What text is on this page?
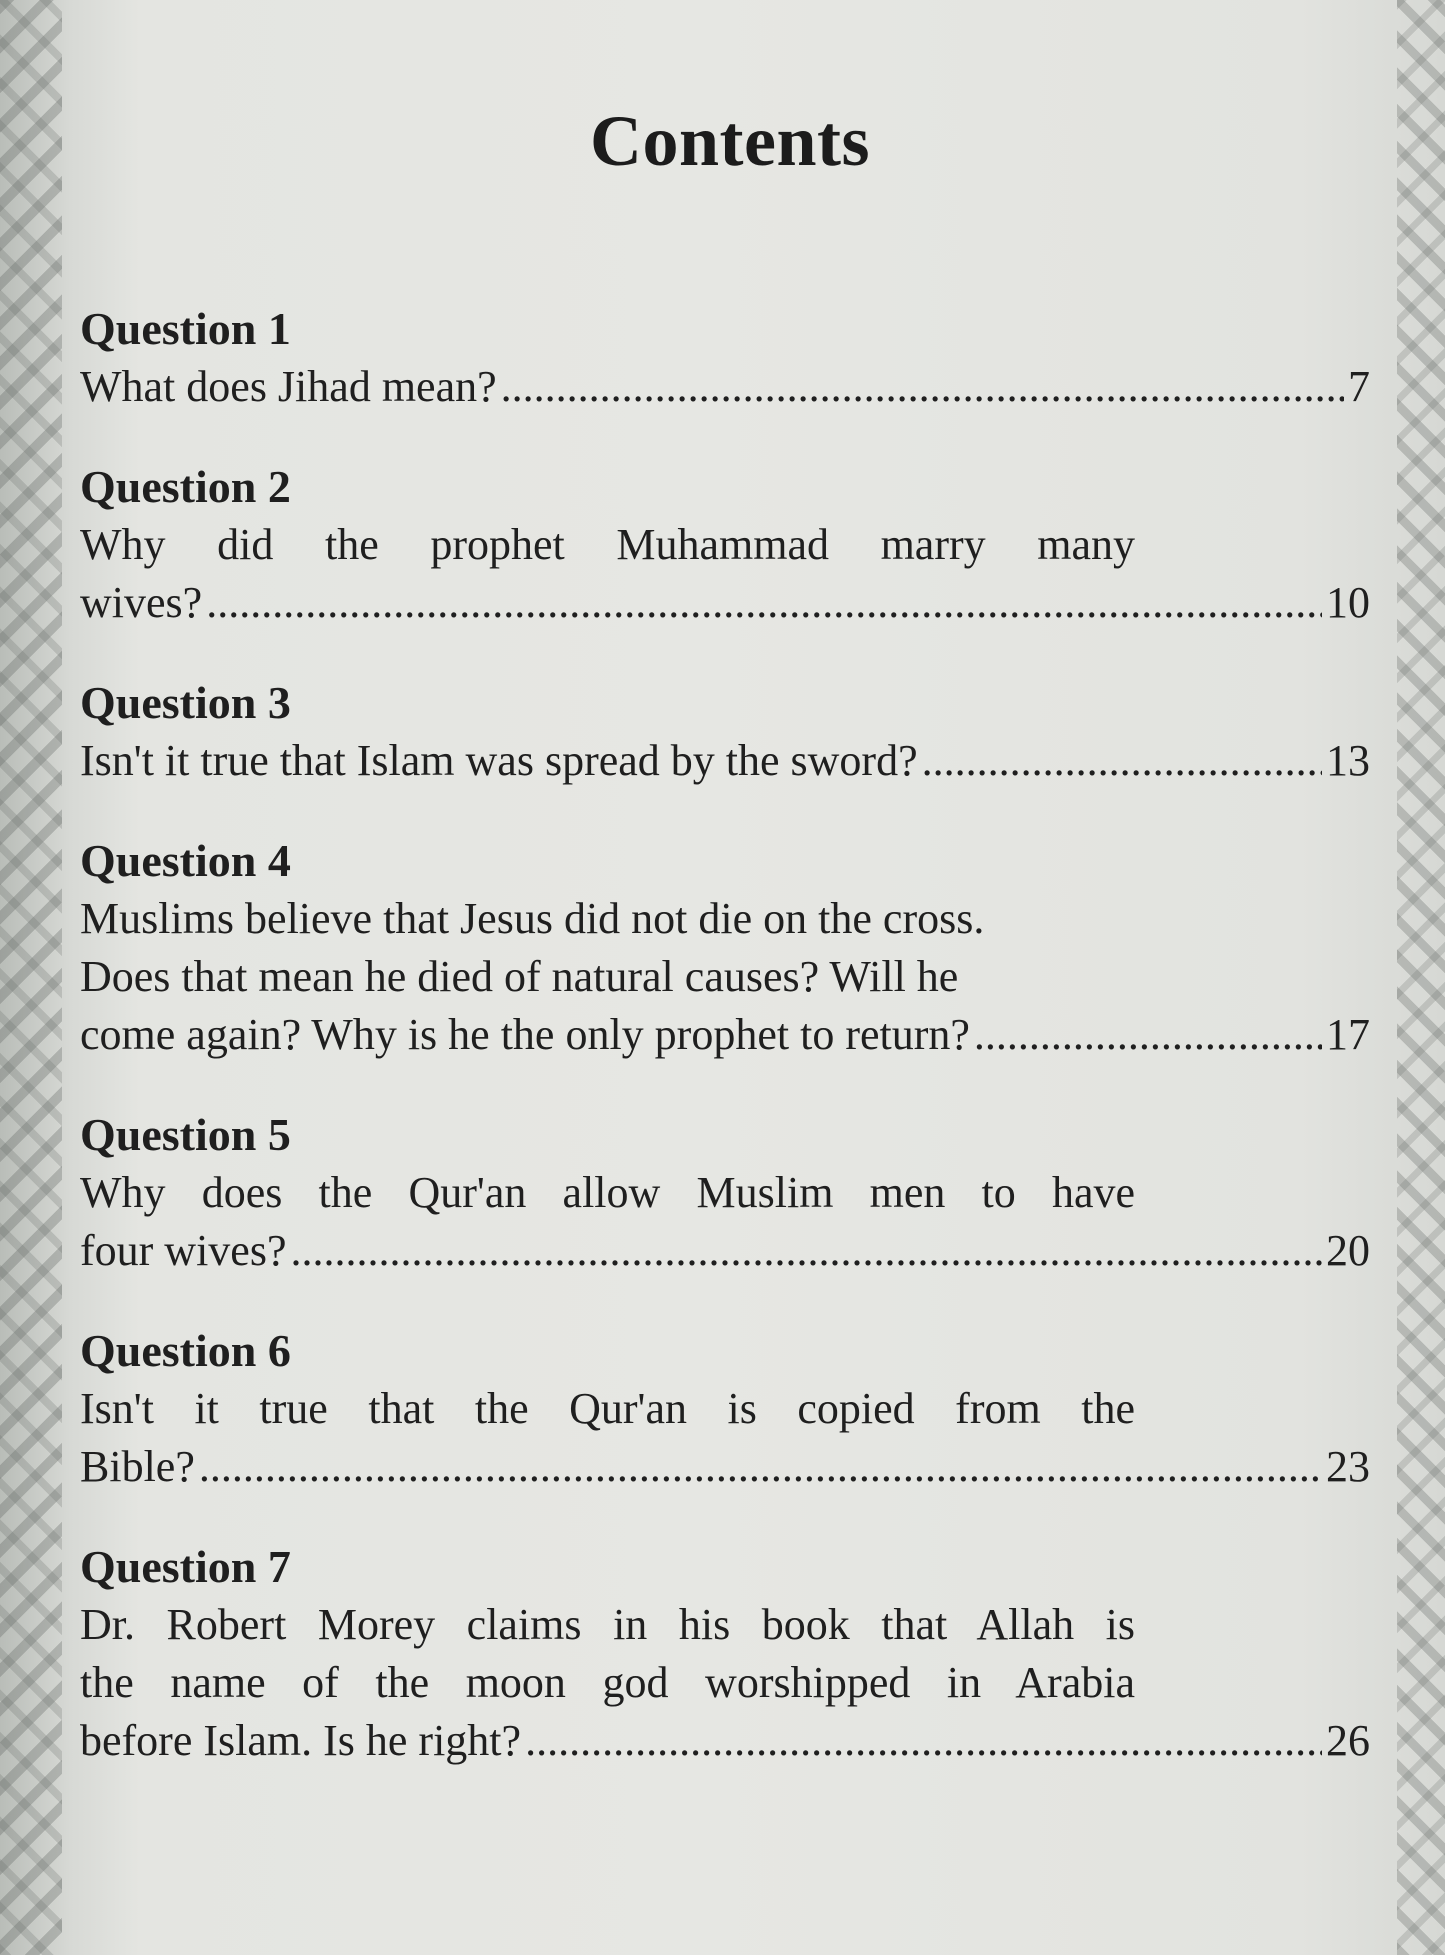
Contents
Question 1
What does Jihad mean? .....	7
Question 2
Why did the prophet Muhammad marry many
wives? .....	10
Question 3
Isn't it true that Islam was spread by the sword? .....	13
Question 4
Muslims believe that Jesus did not die on the cross.
Does that mean he died of natural causes? Will he
come again? Why is he the only prophet to return? .....	17
Question 5
Why does the Qur'an allow Muslim men to have
four wives? .....	20
Question 6
Isn't it true that the Qur'an is copied from the
Bible? .....	23
Question 7
Dr. Robert Morey claims in his book that Allah is
the name of the moon god worshipped in Arabia
before Islam. Is he right? .....	26
